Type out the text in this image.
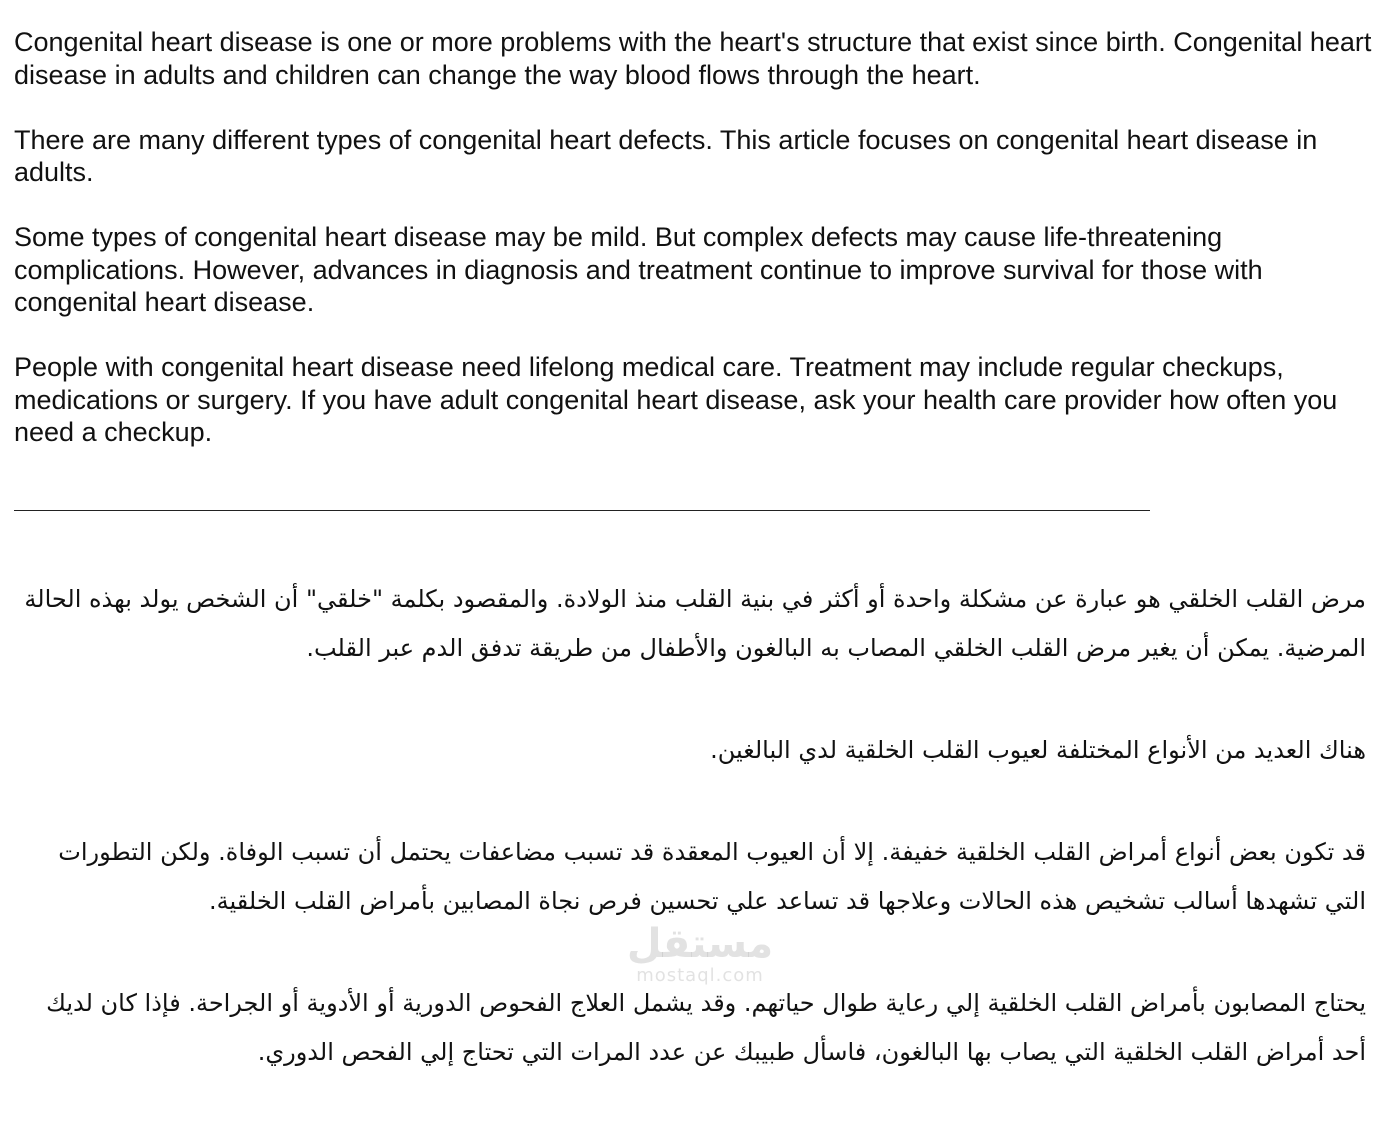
Congenital heart disease is one or more problems with the heart's structure that exist since birth. Congenital heart disease in adults and children can change the way blood flows through the heart.

There are many different types of congenital heart defects. This article focuses on congenital heart disease in adults.

Some types of congenital heart disease may be mild. But complex defects may cause life-threatening complications. However, advances in diagnosis and treatment continue to improve survival for those with congenital heart disease.

People with congenital heart disease need lifelong medical care. Treatment may include regular checkups, medications or surgery. If you have adult congenital heart disease, ask your health care provider how often you need a checkup.

مرض القلب الخلقي هو عبارة عن مشكلة واحدة أو أكثر في بنية القلب منذ الولادة. والمقصود بكلمة "خلقي" أن الشخص يولد بهذه الحالة المرضية. يمكن أن يغير مرض القلب الخلقي المصاب به البالغون والأطفال من طريقة تدفق الدم عبر القلب.

هناك العديد من الأنواع المختلفة لعيوب القلب الخلقية لدي البالغين.

قد تكون بعض أنواع أمراض القلب الخلقية خفيفة. إلا أن العيوب المعقدة قد تسبب مضاعفات يحتمل أن تسبب الوفاة. ولكن التطورات التي تشهدها أسالب تشخيص هذه الحالات وعلاجها قد تساعد علي تحسين فرص نجاة المصابين بأمراض القلب الخلقية.

يحتاج المصابون بأمراض القلب الخلقية إلي رعاية طوال حياتهم. وقد يشمل العلاج الفحوص الدورية أو الأدوية أو الجراحة. فإذا كان لديك أحد أمراض القلب الخلقية التي يصاب بها البالغون، فاسأل طبيبك عن عدد المرات التي تحتاج إلي الفحص الدوري.

مستقل
mostaql.com
